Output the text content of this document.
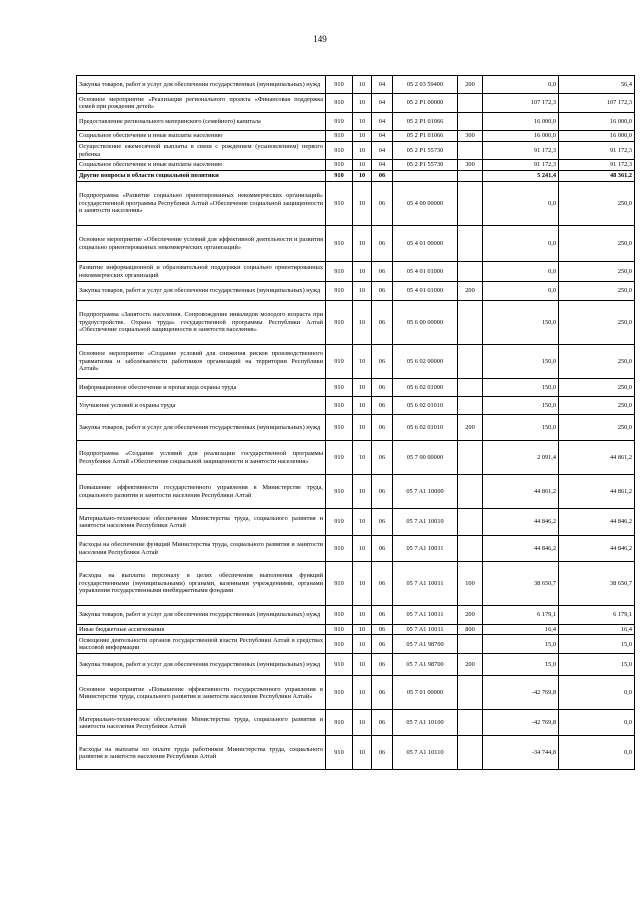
149
Закупка товаров, работ и услуг для обеспечения государственных (муниципальных) нужд	910	10	04	05 2 03 59400	200	0,0	56,4
Основное мероприятие «Реализация регионального проекта «Финансовая поддержка семей при рождении детей»	910	10	04	05 2 P1 00000		107 172,3	107 172,3
Предоставление регионального материнского (семейного) капитала	910	10	04	05 2 P1 01066		16 000,0	16 000,0
Социальное обеспечение и иные выплаты населению	910	10	04	05 2 P1 01066	300	16 000,0	16 000,0
Осуществление ежемесячной выплаты в связи с рождением (усыновлением) первого ребенка	910	10	04	05 2 P1 55730		91 172,3	91 172,3
Социальное обеспечение и иные выплаты населению	910	10	04	05 2 P1 55730	300	91 172,3	91 172,3
Другие вопросы в области социальной политики	910	10	06			5 241,4	48 361,2
Подпрограмма «Развитие социально ориентированных некоммерческих организаций» государственной программы Республики Алтай «Обеспечение социальной защищенности и занятости населения»	910	10	06	05 4 00 00000		0,0	250,0
Основное мероприятие «Обеспечение условий для эффективной деятельности и развития социально ориентированных некоммерческих организаций»	910	10	06	05 4 01 00000		0,0	250,0
Развитие информационной и образовательной поддержки социально ориентированных некоммерческих организаций	910	10	06	05 4 01 01000		0,0	250,0
Закупка товаров, работ и услуг для обеспечения государственных (муниципальных) нужд	910	10	06	05 4 01 01000	200	0,0	250,0
Подпрограмма «Занятость населения. Сопровождение инвалидов молодого возраста при трудоустройстве. Охрана труда» государственной программы Республики Алтай «Обеспечение социальной защищенности и занятости населения»	910	10	06	05 6 00 00000		150,0	250,0
Основное мероприятие «Создание условий для снижения рисков производственного травматизма и заболеваемости работников организаций на территории Республики Алтай»	910	10	06	05 6 02 00000		150,0	250,0
Информационное обеспечение и пропаганда охраны труда	910	10	06	05 6 02 01000		150,0	250,0
Улучшение условий и охраны труда	910	10	06	05 6 02 01010		150,0	250,0
Закупка товаров, работ и услуг для обеспечения государственных (муниципальных) нужд	910	10	06	05 6 02 01010	200	150,0	250,0
Подпрограмма «Создание условий для реализации государственной программы Республики Алтай «Обеспечение социальной защищенности и занятости населения»	910	10	06	05 7 00 00000		2 091,4	44 861,2
Повышение эффективности государственного управления в Министерстве труда, социального развития и занятости населения Республики Алтай	910	10	06	05 7 A1 10000		44 861,2	44 861,2
Материально-техническое обеспечение Министерства труда, социального развития и занятости населения Республики Алтай	910	10	06	05 7 A1 10010		44 846,2	44 846,2
Расходы на обеспечение функций Министерства труда, социального развития и занятости населения Республики Алтай	910	10	06	05 7 A1 10011		44 846,2	44 846,2
Расходы на выплаты персоналу в целях обеспечения выполнения функций государственными (муниципальными) органами, казенными учреждениями, органами управления государственными внебюджетными фондами	910	10	06	05 7 A1 10011	100	38 650,7	38 650,7
Закупка товаров, работ и услуг для обеспечения государственных (муниципальных) нужд	910	10	06	05 7 A1 10011	200	6 179,1	6 179,1
Иные бюджетные ассигнования	910	10	06	05 7 A1 10011	800	16,4	16,4
Освещение деятельности органов государственной власти Республики Алтай в средствах массовой информации	910	10	06	05 7 A1 98700		15,0	15,0
Закупка товаров, работ и услуг для обеспечения государственных (муниципальных) нужд	910	10	06	05 7 A1 98700	200	15,0	15,0
Основное мероприятие «Повышение эффективности государственного управления в Министерстве труда, социального развития и занятости населения Республики Алтай»	910	10	06	05 7 01 00000		-42 769,8	0,0
Материально-техническое обеспечение Министерства труда, социального развития и занятости населения Республики Алтай	910	10	06	05 7 A1 10100		-42 769,8	0,0
Расходы на выплаты по оплате труда работников Министерства труда, социального развития и занятости населения Республики Алтай	910	10	06	05 7 A1 10110		-34 744,8	0,0
